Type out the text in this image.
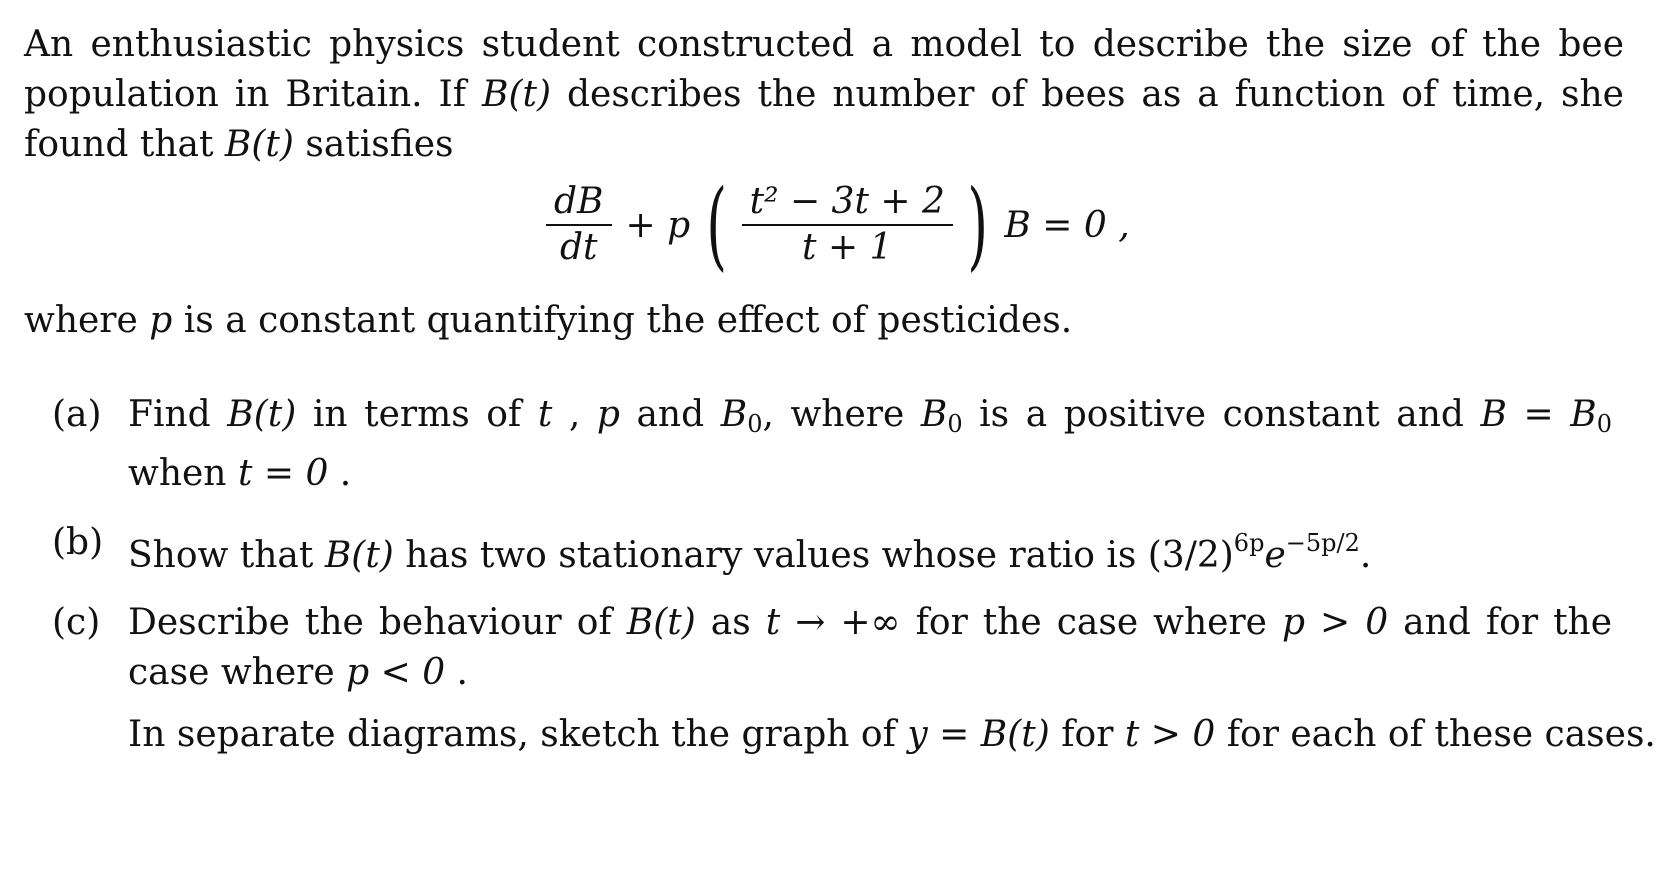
An enthusiastic physics student constructed a model to describe the size of the bee
population in Britain. If B(t) describes the number of bees as a function of time, she
found that B(t) satisfies
$\frac{dB}{dt} + p$ ( $\frac{\text{t² − 3t + 2}}{t + 1}$ ) B = 0 ,
where p is a constant quantifying the effect of pesticides.
(a) Find B(t) in terms of t , p and $B_0$, where $B_0$ is a positive constant and $B = B_0$
when t = 0 .
(b) Show that B(t) has two stationary values whose ratio is $(3/2)^{6p}e^{-5p/2}$.
(c) Describe the behaviour of B(t) as t → +∞ for the case where p > 0 and for the
case where p < 0 .
In separate diagrams, sketch the graph of y = B(t) for t > 0 for each of these cases.
